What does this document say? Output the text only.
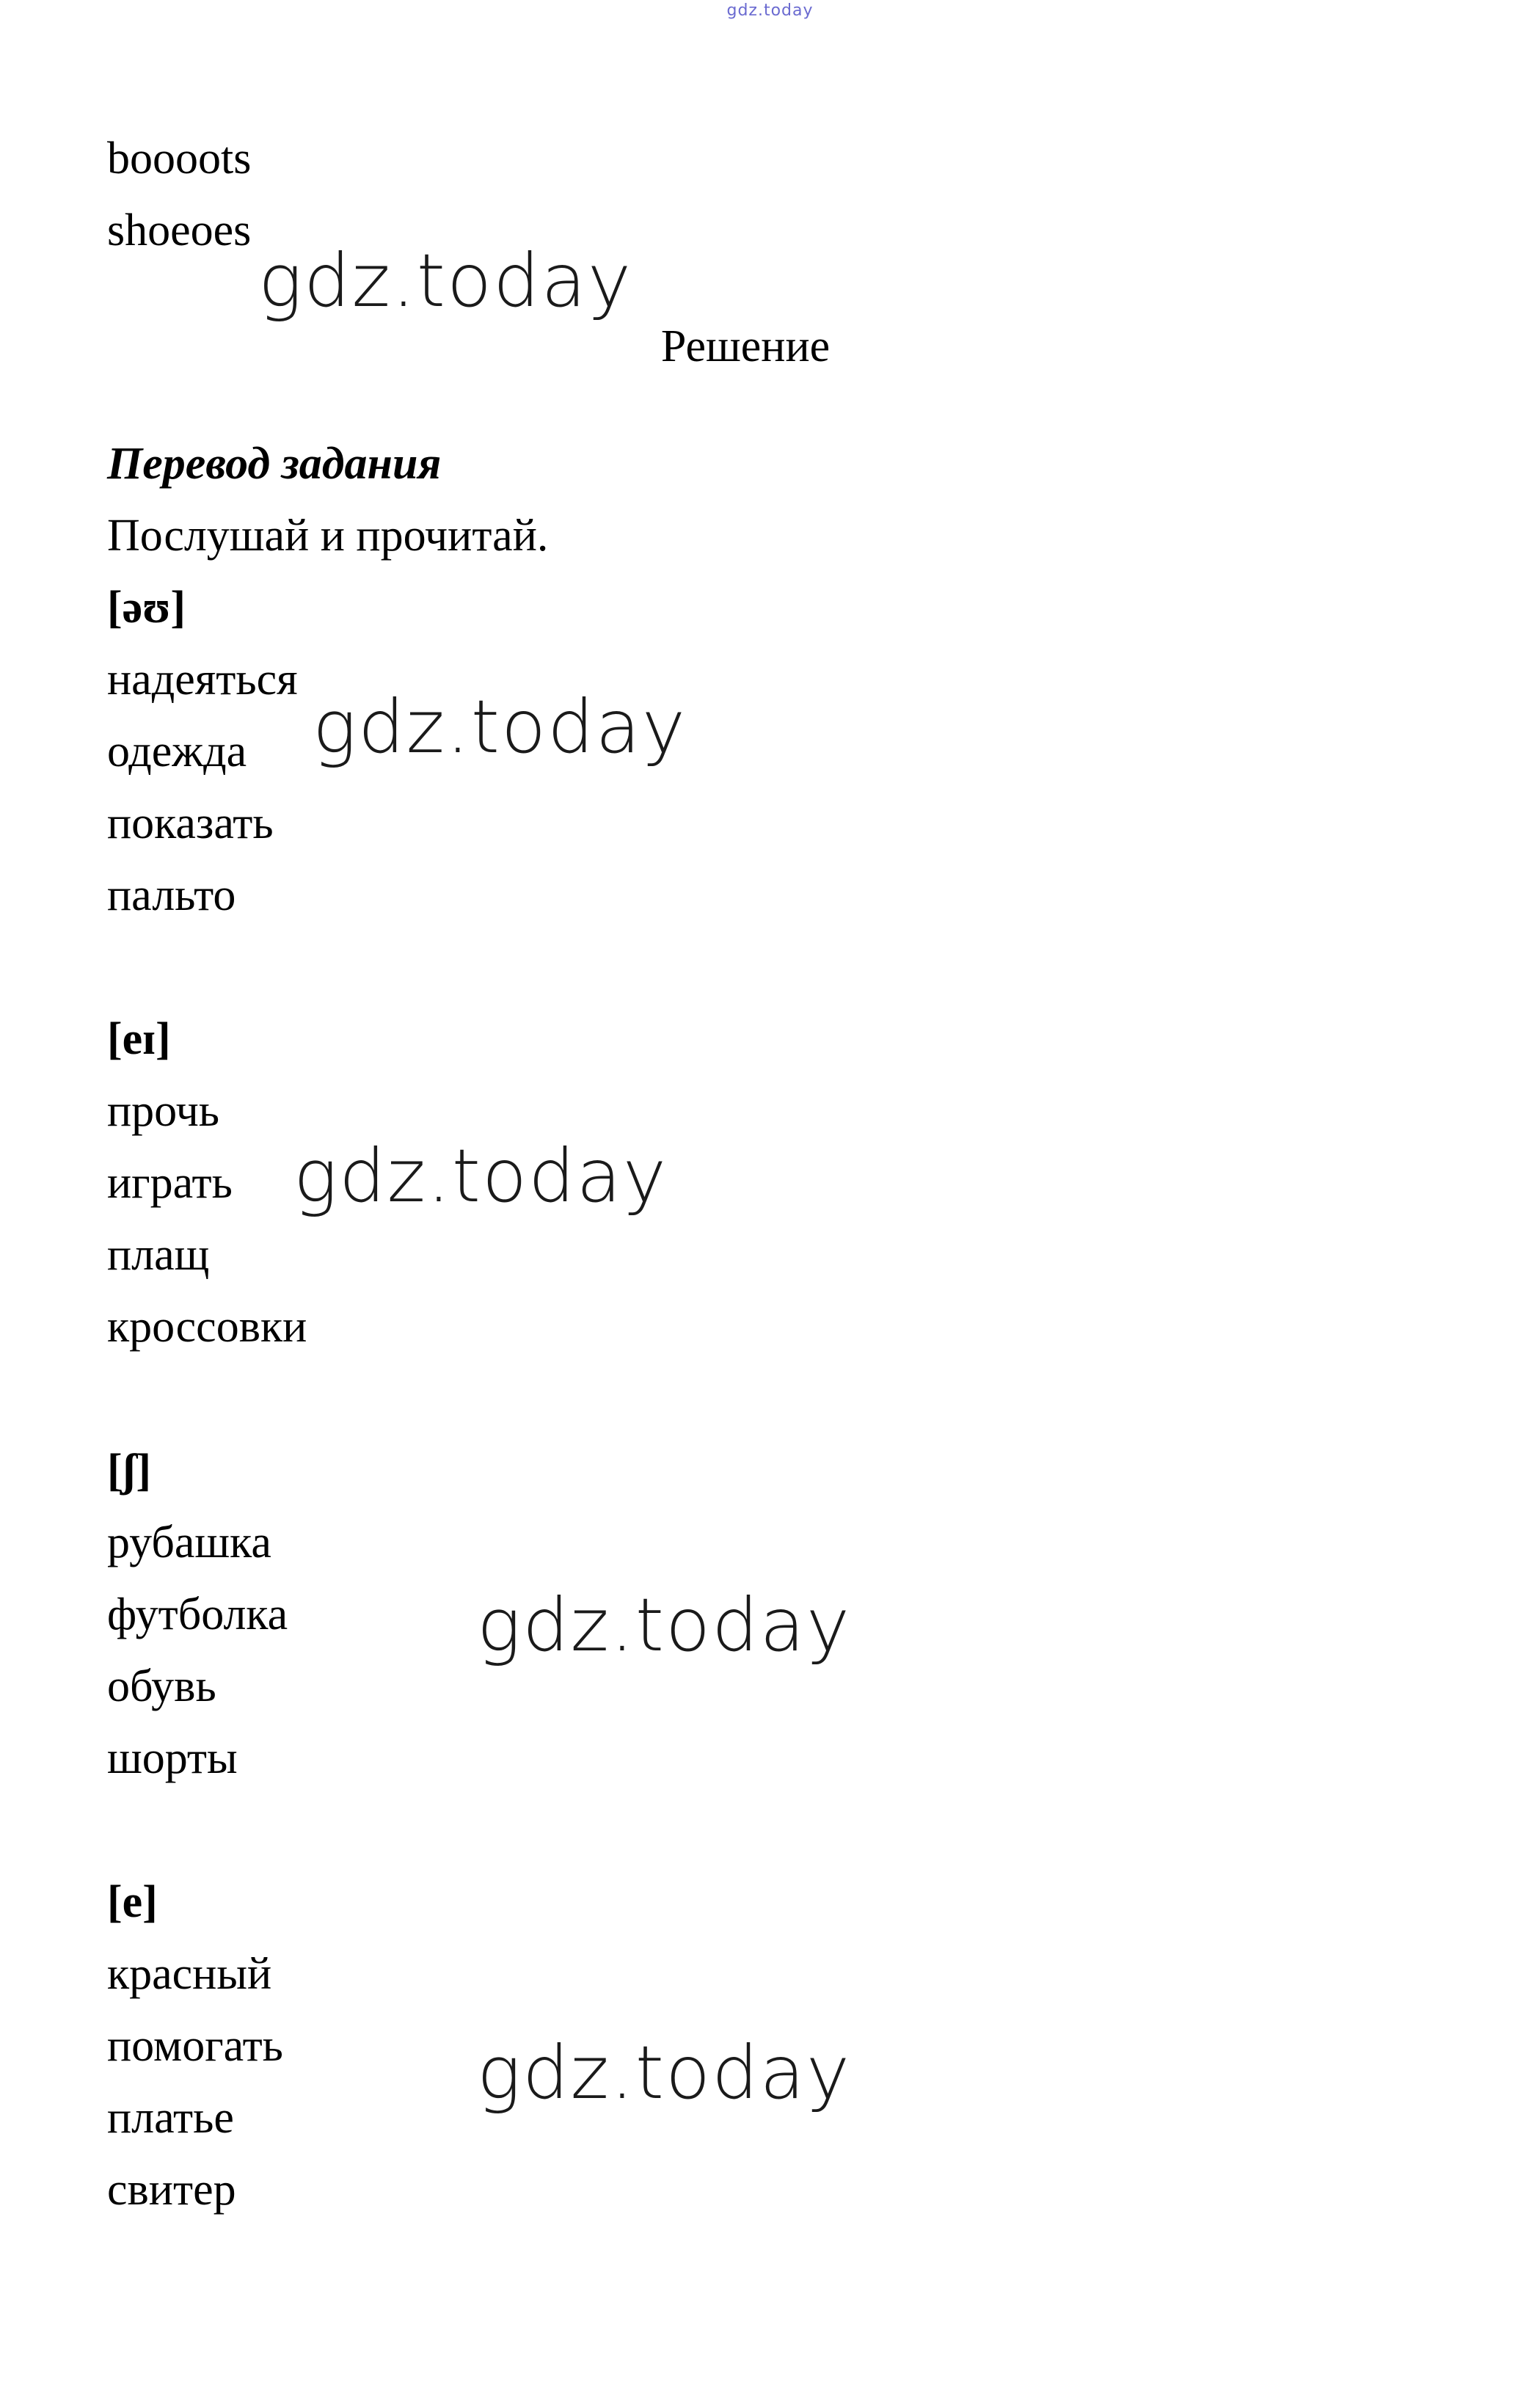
gdz.today
boooots
shoeoes
Решение
Перевод задания
Послушай и прочитай.
[əʊ]
надеяться
одежда
показать
пальто
[eɪ]
прочь
играть
плащ
кроссовки
[ʃ]
рубашка
футболка
обувь
шорты
[e]
красный
помогать
платье
свитер
gdz.today
gdz.today
gdz.today
gdz.today
gdz.today
